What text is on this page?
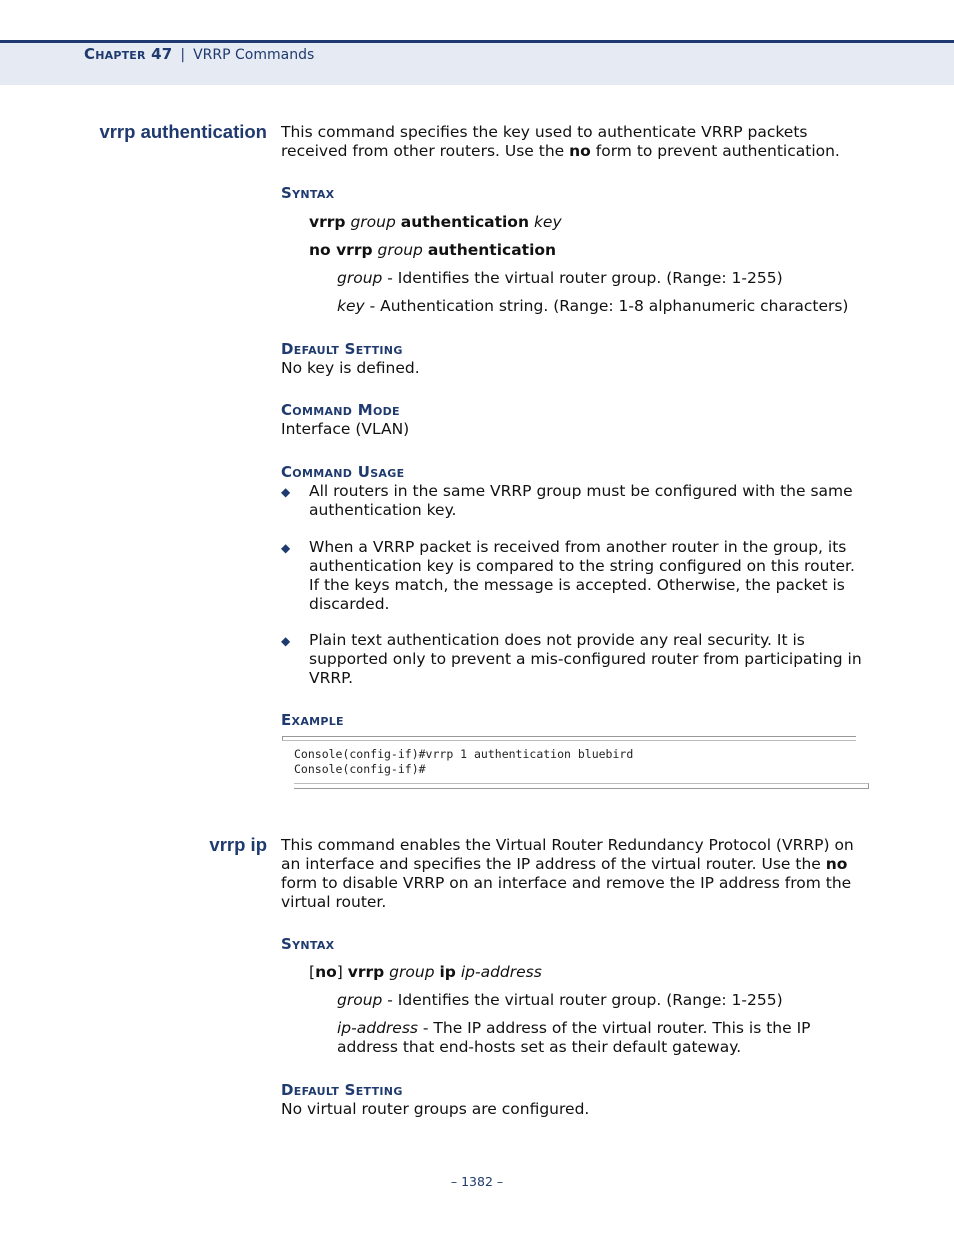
Chapter 47 | VRRP Commands
vrrp authentication This command specifies the key used to authenticate VRRP packets
received from other routers. Use the no form to prevent authentication.
Syntax
vrrp group authentication key
no vrrp group authentication
group - Identifies the virtual router group. (Range: 1-255)
key - Authentication string. (Range: 1-8 alphanumeric characters)
Default Setting
No key is defined.
Command Mode
Interface (VLAN)
Command Usage
◆ All routers in the same VRRP group must be configured with the same
authentication key.
◆ When a VRRP packet is received from another router in the group, its
authentication key is compared to the string configured on this router.
If the keys match, the message is accepted. Otherwise, the packet is
discarded.
◆ Plain text authentication does not provide any real security. It is
supported only to prevent a mis-configured router from participating in
VRRP.
Example
Console(config-if)#vrrp 1 authentication bluebird
Console(config-if)#
vrrp ip This command enables the Virtual Router Redundancy Protocol (VRRP) on
an interface and specifies the IP address of the virtual router. Use the no
form to disable VRRP on an interface and remove the IP address from the
virtual router.
Syntax
[no] vrrp group ip ip-address
group - Identifies the virtual router group. (Range: 1-255)
ip-address - The IP address of the virtual router. This is the IP
address that end-hosts set as their default gateway.
Default Setting
No virtual router groups are configured.
– 1382 –
